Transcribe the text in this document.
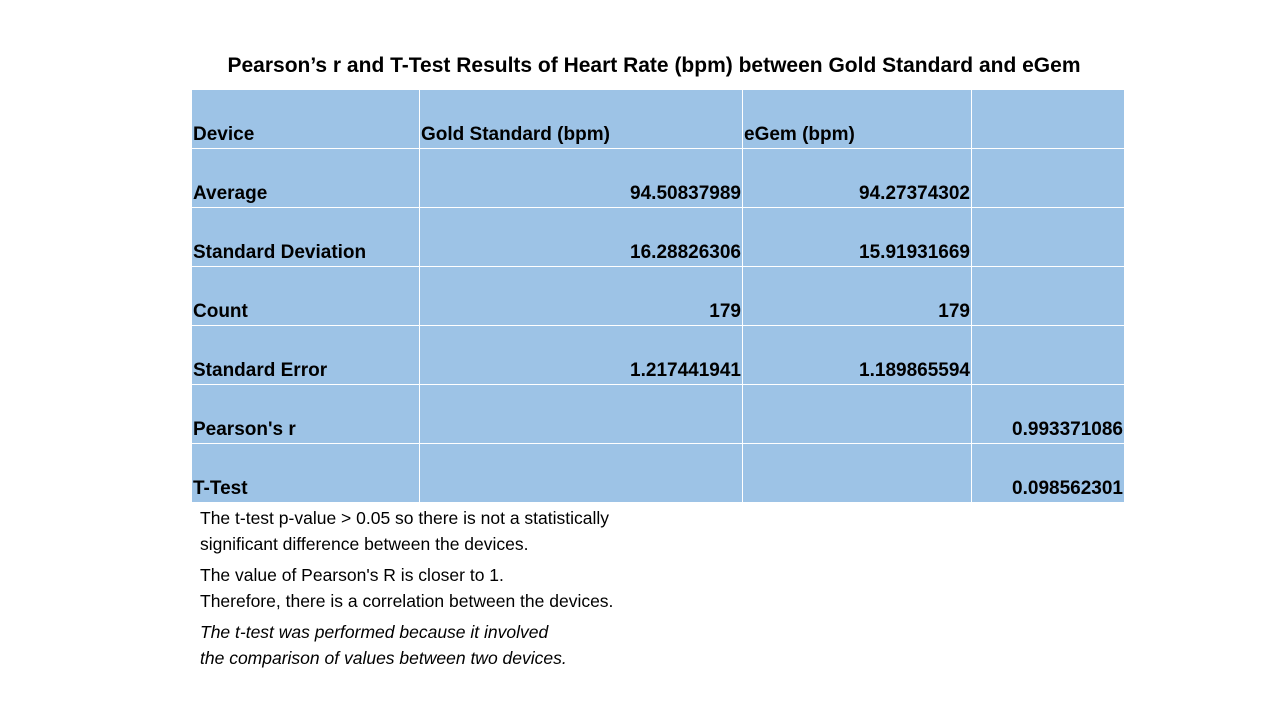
Pearson’s r and T-Test Results of Heart Rate (bpm) between Gold Standard and eGem
Device	Gold Standard (bpm)	eGem (bpm)	
Average	94.50837989	94.27374302	
Standard Deviation	16.28826306	15.91931669	
Count	179	179	
Standard Error	1.217441941	1.189865594	
Pearson's r			0.993371086
T-Test			0.098562301

The t-test p-value > 0.05 so there is not a statistically

significant difference between the devices.

The value of Pearson's R is closer to 1.

Therefore, there is a correlation between the devices.

The t-test was performed because it involved

the comparison of values between two devices.
